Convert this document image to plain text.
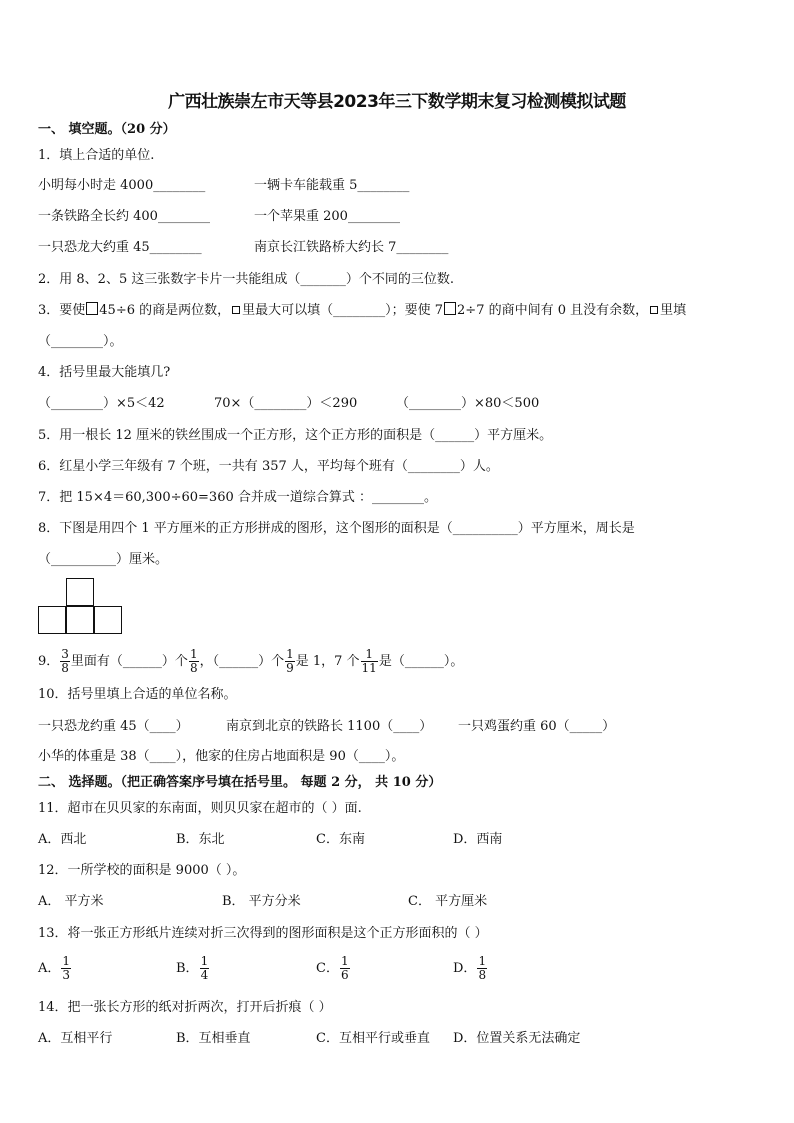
广西壮族崇左市天等县2023年三下数学期末复习检测模拟试题
一、 填空题。（20 分）
1．填上合适的单位.
小明每小时走 4000________	一辆卡车能载重 5________
一条铁路全长约 400________	一个苹果重 200________
一只恐龙大约重 45________	南京长江铁路桥大约长 7________
2．用 8、2、5 这三张数字卡片一共能组成（_______）个不同的三位数.
3．要使 45÷6 的商是两位数， 里最大可以填（________）；要使 7 2÷7 的商中间有 0 且没有余数， 里填
（________）。
4．括号里最大能填几?
（________）×5＜42	70×（________）＜290	（________）×80＜500
5．用一根长 12 厘米的铁丝围成一个正方形，这个正方形的面积是（______）平方厘米。
6．红星小学三年级有 7 个班，一共有 357 人，平均每个班有（________）人。
7．把 15×4＝60,300÷60=360 合并成一道综合算式 ：________。
8．下图是用四个 1 平方厘米的正方形拼成的图形，这个图形的面积是（__________）平方厘米，周长是
（__________）厘米。
9． $\frac{3}{8}$ 里面有（______）个 $\frac{1}{8}$ ，（______）个 $\frac{1}{9}$ 是 1，7 个 $\frac{1}{11}$ 是（______）。
10．括号里填上合适的单位名称。
一只恐龙约重 45（____）	南京到北京的铁路长 1100（____） 一只鸡蛋约重 60（_____）
小华的体重是 38（____），他家的住房占地面积是 90（____）。
二、 选择题。（把正确答案序号填在括号里。 每题 2 分， 共 10 分）
11．超市在贝贝家的东南面，则贝贝家在超市的（ ）面.
A．西北	B．东北	C．东南	D．西南
12．一所学校的面积是 9000（ ）。
A． 平方米	B． 平方分米	C． 平方厘米
13．将一张正方形纸片连续对折三次得到的图形面积是这个正方形面积的（ ）
A． $\frac{1}{3}$	B． $\frac{1}{4}$	C． $\frac{1}{6}$	D． $\frac{1}{8}$
14．把一张长方形的纸对折两次，打开后折痕（ ）
A．互相平行	B．互相垂直	C．互相平行或垂直 D．位置关系无法确定
